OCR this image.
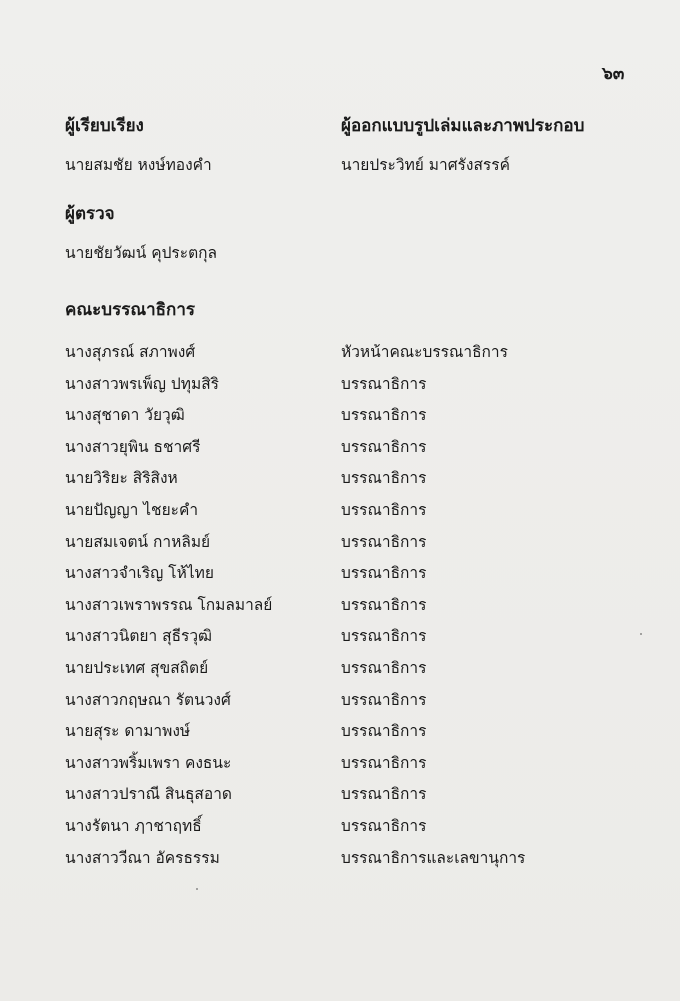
๖๓
ผู้เรียบเรียง	ผู้ออกแบบรูปเล่มและภาพประกอบ
นายสมชัย หงษ์ทองคำ	นายประวิทย์ มาศรังสรรค์
ผู้ตรวจ
นายชัยวัฒน์ คุประตกุล
คณะบรรณาธิการ
นางสุภรณ์ สภาพงศ์	หัวหน้าคณะบรรณาธิการ
นางสาวพรเพ็ญ ปทุมสิริ	บรรณาธิการ
นางสุชาดา วัยวุฒิ	บรรณาธิการ
นางสาวยุพิน ธชาศรี	บรรณาธิการ
นายวิริยะ สิริสิงห	บรรณาธิการ
นายปัญญา ไชยะคำ	บรรณาธิการ
นายสมเจตน์ กาหลิมย์	บรรณาธิการ
นางสาวจำเริญ โห้ไทย	บรรณาธิการ
นางสาวเพราพรรณ โกมลมาลย์	บรรณาธิการ
นางสาวนิตยา สุธีรวุฒิ	บรรณาธิการ
นายประเทศ สุขสถิตย์	บรรณาธิการ
นางสาวกฤษณา รัตนวงศ์	บรรณาธิการ
นายสุระ ดามาพงษ์	บรรณาธิการ
นางสาวพริ้มเพรา คงธนะ	บรรณาธิการ
นางสาวปราณี สินธุสอาด	บรรณาธิการ
นางรัตนา ฦาชาฤทธิ์	บรรณาธิการ
นางสาววีณา อัครธรรม	บรรณาธิการและเลขานุการ
